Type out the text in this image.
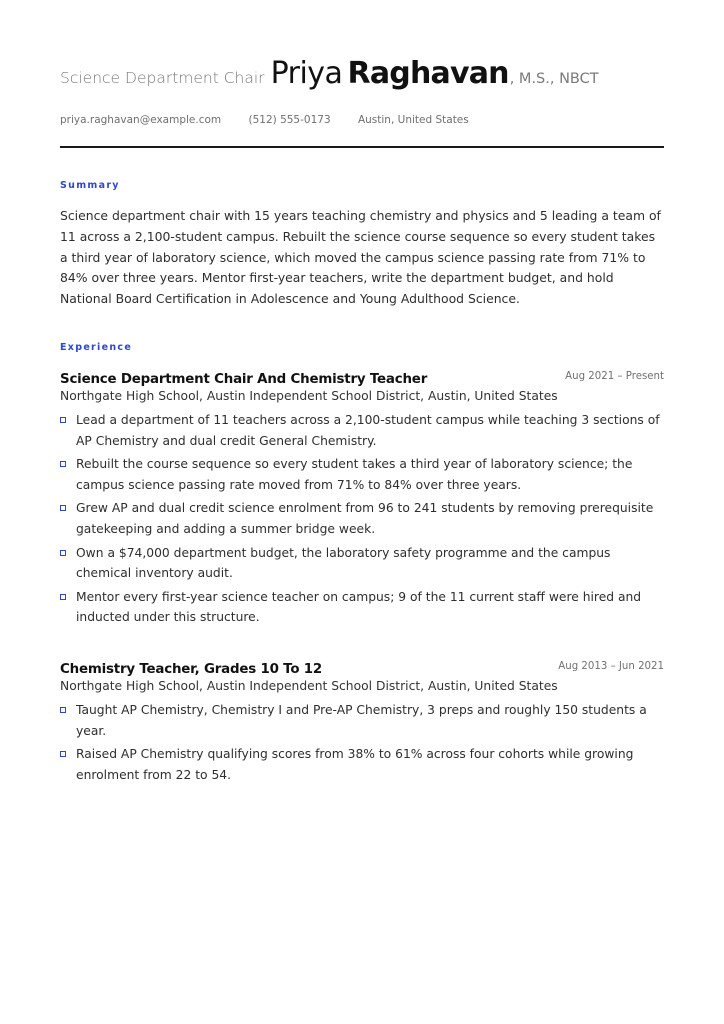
Science Department Chair Priya Raghavan, M.S., NBCT
priya.raghavan@example.com	(512) 555-0173	Austin, United States
Summary
Science department chair with 15 years teaching chemistry and physics and 5 leading a team of 11 across a 2,100-student campus. Rebuilt the science course sequence so every student takes a third year of laboratory science, which moved the campus science passing rate from 71% to 84% over three years. Mentor first-year teachers, write the department budget, and hold National Board Certification in Adolescence and Young Adulthood Science.
Experience
Science Department Chair And Chemistry Teacher	Aug 2021 – Present
Northgate High School, Austin Independent School District, Austin, United States
Lead a department of 11 teachers across a 2,100-student campus while teaching 3 sections of AP Chemistry and dual credit General Chemistry.
Rebuilt the course sequence so every student takes a third year of laboratory science; the campus science passing rate moved from 71% to 84% over three years.
Grew AP and dual credit science enrolment from 96 to 241 students by removing prerequisite gatekeeping and adding a summer bridge week.
Own a $74,000 department budget, the laboratory safety programme and the campus chemical inventory audit.
Mentor every first-year science teacher on campus; 9 of the 11 current staff were hired and inducted under this structure.
Chemistry Teacher, Grades 10 To 12	Aug 2013 – Jun 2021
Northgate High School, Austin Independent School District, Austin, United States
Taught AP Chemistry, Chemistry I and Pre-AP Chemistry, 3 preps and roughly 150 students a year.
Raised AP Chemistry qualifying scores from 38% to 61% across four cohorts while growing enrolment from 22 to 54.
